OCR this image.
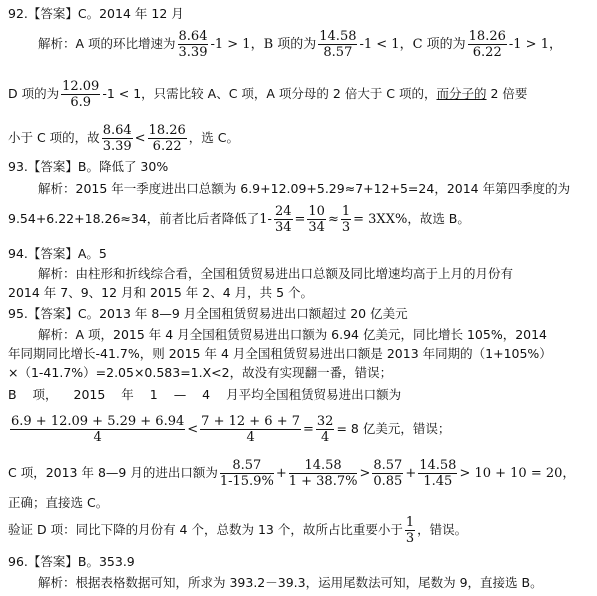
92.【答案】C。2014 年 12 月
解析：A 项的环比增速为 $\frac{8.64}{3.39} -1 > 1$，B 项的为 $\frac{14.58}{8.57} -1 < 1$，C 项的为 $\frac{18.26}{6.22} -1 > 1$，
D 项的为 $\frac{12.09}{6.9} -1 < 1$，只需比较 A、C 项，A 项分母的 2 倍大于 C 项的，而分子的 2 倍要
小于 C 项的，故 $\frac{8.64}{3.39} < \frac{18.26}{6.22}$ ，选 C。
93.【答案】B。降低了 30%
解析：2015 年一季度进出口总额为 6.9+12.09+5.29≈7+12+5=24，2014 年第四季度的为
9.54+6.22+18.26≈34，前者比后者降低了$1- \frac{24}{34} = \frac{10}{34} \approx \frac{1}{3} = 3XX\%$，故选 B。
94.【答案】A。5
解析：由柱形和折线综合看，全国租赁贸易进出口总额及同比增速均高于上月的月份有
2014 年 7、9、12 月和 2015 年 2、4 月，共 5 个。
95.【答案】C。2013 年 8—9 月全国租赁贸易进出口额超过 20 亿美元
解析：A 项，2015 年 4 月全国租赁贸易进出口额为 6.94 亿美元，同比增长 105%，2014
年同期同比增长-41.7%，则 2015 年 4 月全国租赁贸易进出口额是 2013 年同期的（1+105%）
×（1-41.7%）=2.05×0.583=1.X<2，故没有实现翻一番，错误；
B 项， 2015 年 1 — 4 月平均全国租赁贸易进出口额为
$\frac{6.9 + 12.09 + 5.29 + 6.94}{4} < \frac{7 + 12 + 6 + 7}{4} = \frac{32}{4} = 8$ 亿美元，错误；
C 项，2013 年 8—9 月的进出口额为 $\frac{8.57}{1-15.9\%} + \frac{14.58}{1 + 38.7\%} > \frac{8.57}{0.85} + \frac{14.58}{1.45} > 10 + 10 = 20$，
正确；直接选 C。
验证 D 项：同比下降的月份有 4 个，总数为 13 个，故所占比重要小于 $\frac{1}{3}$ ，错误。
96.【答案】B。353.9
解析：根据表格数据可知，所求为 393.2－39.3，运用尾数法可知，尾数为 9，直接选 B。
